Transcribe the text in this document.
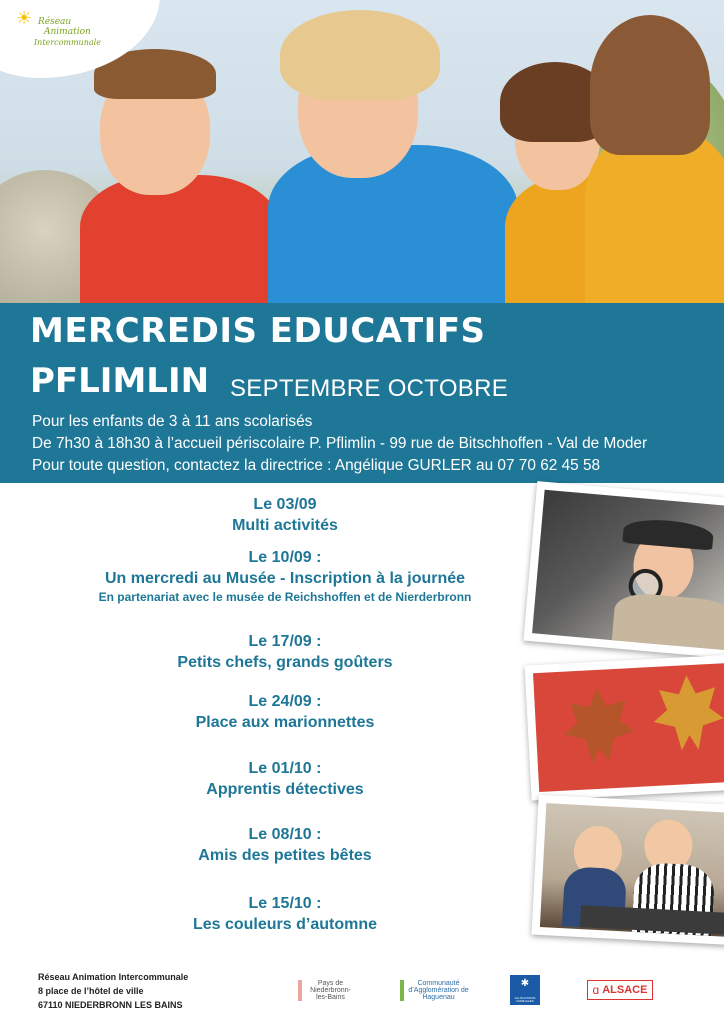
☀ Réseau
Animation
Intercommunale
MERCREDIS EDUCATIFS
PFLIMLIN SEPTEMBRE OCTOBRE
Pour les enfants de 3 à 11 ans scolarisés
De 7h30 à 18h30 à l’accueil périscolaire P. Pflimlin - 99 rue de Bitschhoffen - Val de Moder
Pour toute question, contactez la directrice : Angélique GURLER au 07 70 62 45 58
Le 03/09
Multi activités
Le 10/09 :
Un mercredi au Musée - Inscription à la journée
En partenariat avec le musée de Reichshoffen et de Nierderbronn
Le 17/09 :
Petits chefs, grands goûters
Le 24/09 :
Place aux marionnettes
Le 01/10 :
Apprentis détectives
Le 08/10 :
Amis des petites bêtes
Le 15/10 :
Les couleurs d’automne
Réseau Animation Intercommunale
8 place de l’hôtel de ville
67110 NIEDERBRONN LES BAINS
Pays de Niederbronn-les-Bains
Communauté d’Agglomération de Haguenau
✱
ALLOCATIONS FAMILIALES
ɑ ALSACE
